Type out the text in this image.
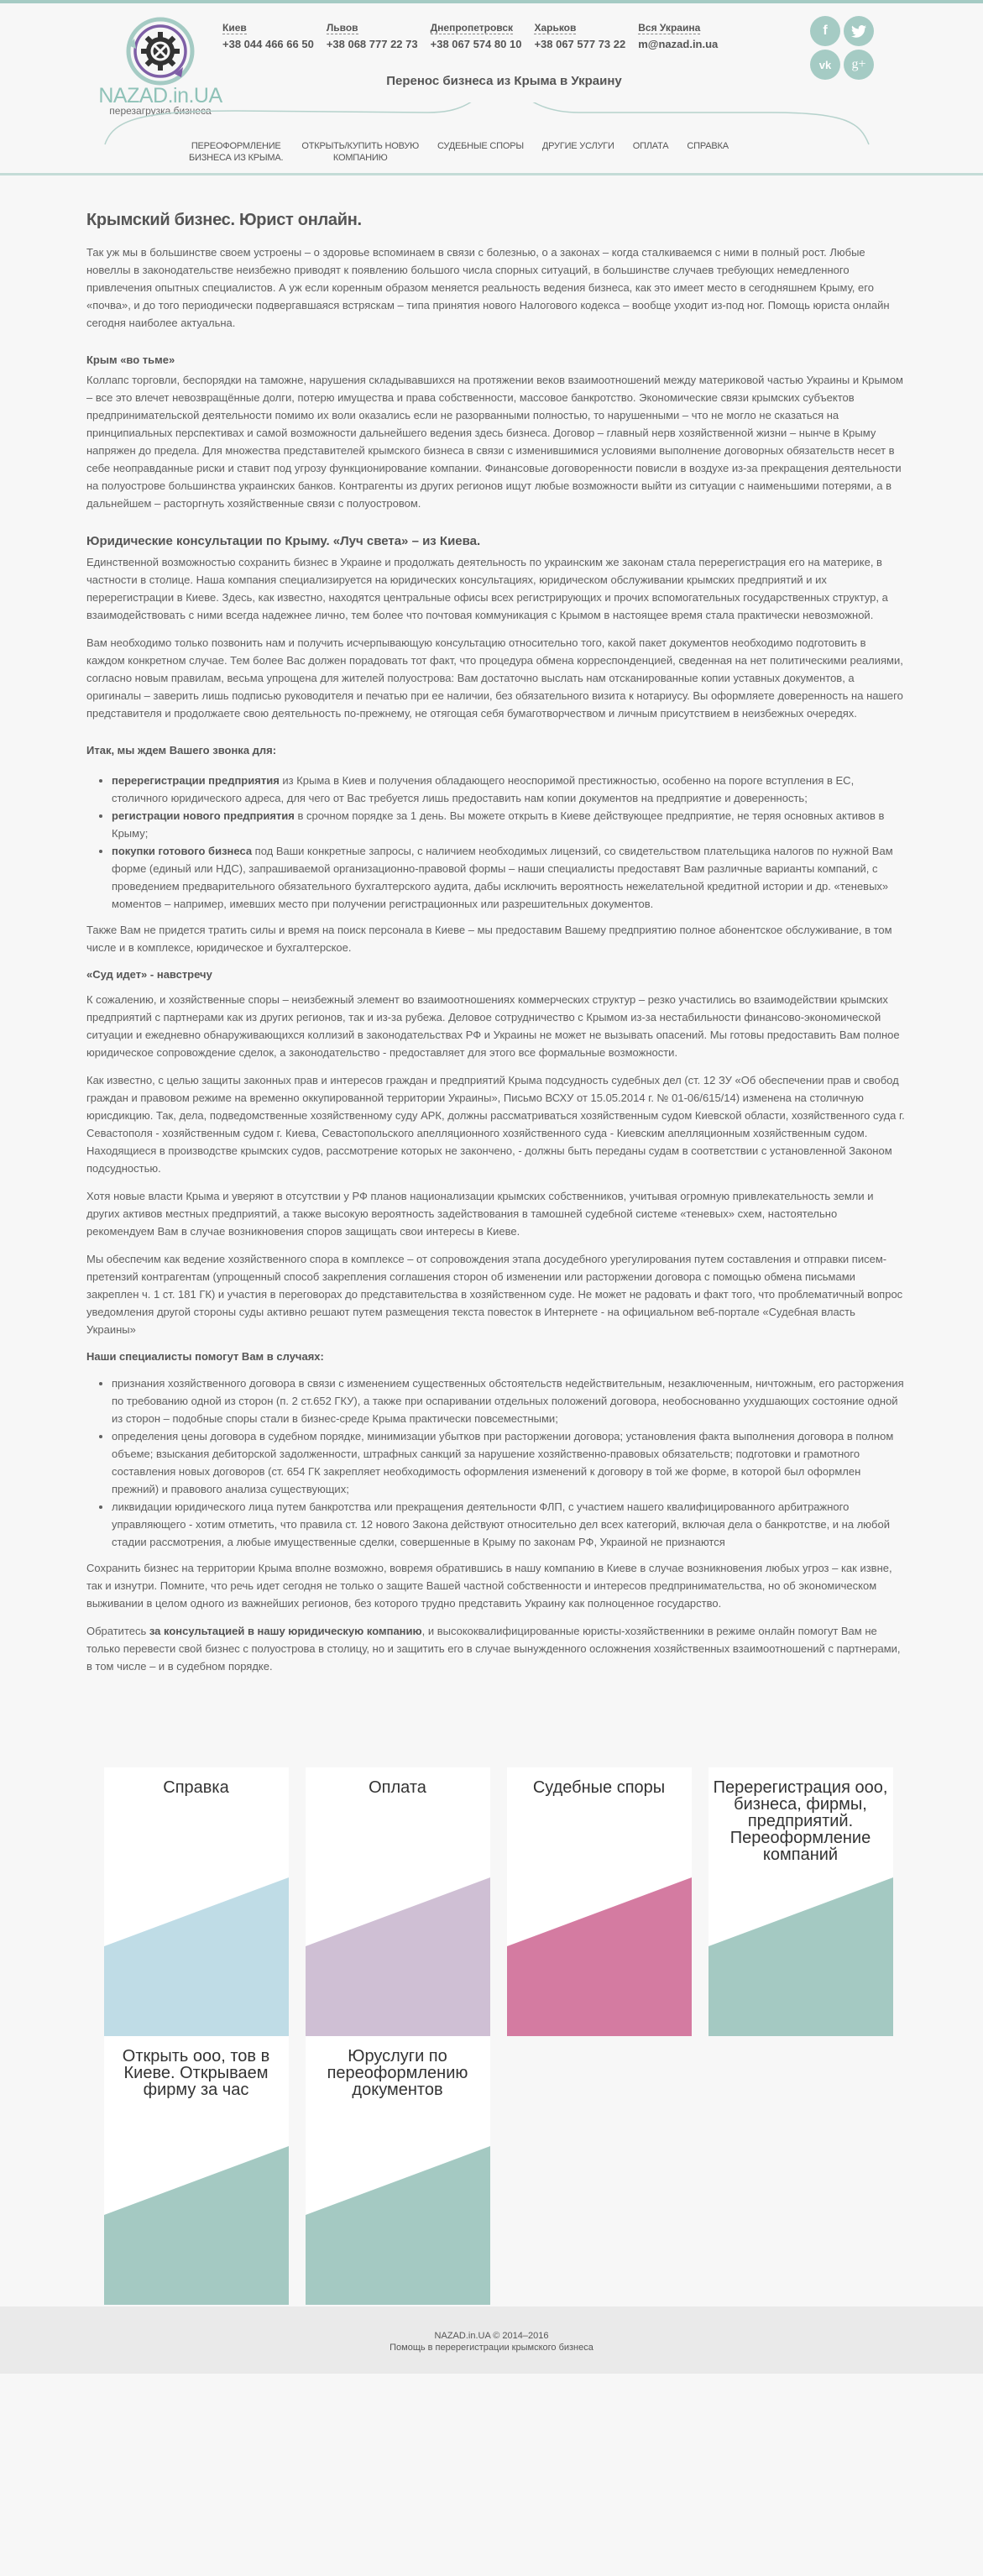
NAZAD.in.UA
перезагрузка бизнеса
Киев
+38 044 466 66 50
Львов
+38 068 777 22 73
Днепропетровск
+38 067 574 80 10
Харьков
+38 067 577 73 22
Вся Украина
m@nazad.in.ua
f
vk	g+
Перенос бизнеса из Крыма в Украину
ПЕРЕОФОРМЛЕНИЕ
БИЗНЕСА ИЗ КРЫМА.
ОТКРЫТЬ/КУПИТЬ НОВУЮ
КОМПАНИЮ
СУДЕБНЫЕ СПОРЫ ДРУГИЕ УСЛУГИ ОПЛАТА СПРАВКА
Крымский бизнес. Юрист онлайн.

Так уж мы в большинстве своем устроены – о здоровье вспоминаем в связи с болезнью, о а законах – когда сталкиваемся с ними в полный рост. Любые новеллы в законодательстве неизбежно приводят к появлению большого числа спорных ситуаций, в большинстве случаев требующих немедленного привлечения опытных специалистов. А уж если коренным образом меняется реальность ведения бизнеса, как это имеет место в сегодняшнем Крыму, его «почва», и до того периодически подвергавшаяся встряскам – типа принятия нового Налогового кодекса – вообще уходит из-под ног. Помощь юриста онлайн сегодня наиболее актуальна.

Крым «во тьме»

Коллапс торговли, беспорядки на таможне, нарушения складывавшихся на протяжении веков взаимоотношений между материковой частью Украины и Крымом – все это влечет невозвращённые долги, потерю имущества и права собственности, массовое банкротство. Экономические связи крымских субъектов предпринимательской деятельности помимо их воли оказались если не разорванными полностью, то нарушенными – что не могло не сказаться на принципиальных перспективах и самой возможности дальнейшего ведения здесь бизнеса. Договор – главный нерв хозяйственной жизни – нынче в Крыму напряжен до предела. Для множества представителей крымского бизнеса в связи с изменившимися условиями выполнение договорных обязательств несет в себе неоправданные риски и ставит под угрозу функционирование компании. Финансовые договоренности повисли в воздухе из-за прекращения деятельности на полуострове большинства украинских банков. Контрагенты из других регионов ищут любые возможности выйти из ситуации с наименьшими потерями, а в дальнейшем – расторгнуть хозяйственные связи с полуостровом.

Юридические консультации по Крыму. «Луч света» – из Киева.

Единственной возможностью сохранить бизнес в Украине и продолжать деятельность по украинским же законам стала перерегистрация его на материке, в частности в столице. Наша компания специализируется на юридических консультациях, юридическом обслуживании крымских предприятий и их перерегистрации в Киеве. Здесь, как известно, находятся центральные офисы всех регистрирующих и прочих вспомогательных государственных структур, а взаимодействовать с ними всегда надежнее лично, тем более что почтовая коммуникация с Крымом в настоящее время стала практически невозможной.

Вам необходимо только позвонить нам и получить исчерпывающую консультацию относительно того, какой пакет документов необходимо подготовить в каждом конкретном случае. Тем более Вас должен порадовать тот факт, что процедура обмена корреспонденцией, сведенная на нет политическими реалиями, согласно новым правилам, весьма упрощена для жителей полуострова: Вам достаточно выслать нам отсканированные копии уставных документов, а оригиналы – заверить лишь подписью руководителя и печатью при ее наличии, без обязательного визита к нотариусу. Вы оформляете доверенность на нашего представителя и продолжаете свою деятельность по-прежнему, не отягощая себя бумаготворчеством и личным присутствием в неизбежных очередях.

Итак, мы ждем Вашего звонка для:
• перерегистрации предприятия из Крыма в Киев и получения обладающего неоспоримой престижностью, особенно на пороге вступления в ЕС, столичного юридического адреса, для чего от Вас требуется лишь предоставить нам копии документов на предприятие и доверенность;
• регистрации нового предприятия в срочном порядке за 1 день. Вы можете открыть в Киеве действующее предприятие, не теряя основных активов в Крыму;
• покупки готового бизнеса под Ваши конкретные запросы, с наличием необходимых лицензий, со свидетельством плательщика налогов по нужной Вам форме (единый или НДС), запрашиваемой организационно-правовой формы – наши специалисты предоставят Вам различные варианты компаний, с проведением предварительного обязательного бухгалтерского аудита, дабы исключить вероятность нежелательной кредитной истории и др. «теневых» моментов – например, имевших место при получении регистрационных или разрешительных документов.

Также Вам не придется тратить силы и время на поиск персонала в Киеве – мы предоставим Вашему предприятию полное абонентское обслуживание, в том числе и в комплексе, юридическое и бухгалтерское.

«Суд идет» - навстречу

К сожалению, и хозяйственные споры – неизбежный элемент во взаимоотношениях коммерческих структур – резко участились во взаимодействии крымских предприятий с партнерами как из других регионов, так и из-за рубежа. Деловое сотрудничество с Крымом из-за нестабильности финансово-экономической ситуации и ежедневно обнаруживающихся коллизий в законодательствах РФ и Украины не может не вызывать опасений. Мы готовы предоставить Вам полное юридическое сопровождение сделок, а законодательство - предоставляет для этого все формальные возможности.

Как известно, с целью защиты законных прав и интересов граждан и предприятий Крыма подсудность судебных дел (ст. 12 ЗУ «Об обеспечении прав и свобод граждан и правовом режиме на временно оккупированной территории Украины», Письмо ВСХУ от 15.05.2014 г. № 01-06/615/14) изменена на столичную юрисдикцию. Так, дела, подведомственные хозяйственному суду АРК, должны рассматриваться хозяйственным судом Киевской области, хозяйственного суда г. Севастополя - хозяйственным судом г. Киева, Севастопольского апелляционного хозяйственного суда - Киевским апелляционным хозяйственным судом. Находящиеся в производстве крымских судов, рассмотрение которых не закончено, - должны быть переданы судам в соответствии с установленной Законом подсудностью.

Хотя новые власти Крыма и уверяют в отсутствии у РФ планов национализации крымских собственников, учитывая огромную привлекательность земли и других активов местных предприятий, а также высокую вероятность задействования в тамошней судебной системе «теневых» схем, настоятельно рекомендуем Вам в случае возникновения споров защищать свои интересы в Киеве.

Мы обеспечим как ведение хозяйственного спора в комплексе – от сопровождения этапа досудебного урегулирования путем составления и отправки писем-претензий контрагентам (упрощенный способ закрепления соглашения сторон об изменении или расторжении договора с помощью обмена письмами закреплен ч. 1 ст. 181 ГК) и участия в переговорах до представительства в хозяйственном суде. Не может не радовать и факт того, что проблематичный вопрос уведомления другой стороны суды активно решают путем размещения текста повесток в Интернете - на официальном веб-портале «Судебная власть Украины»

Наши специалисты помогут Вам в случаях:
• признания хозяйственного договора в связи с изменением существенных обстоятельств недействительным, незаключенным, ничтожным, его расторжения по требованию одной из сторон (п. 2 ст.652 ГКУ), а также при оспаривании отдельных положений договора, необоснованно ухудшающих состояние одной из сторон – подобные споры стали в бизнес-среде Крыма практически повсеместными;
• определения цены договора в судебном порядке, минимизации убытков при расторжении договора; установления факта выполнения договора в полном объеме; взыскания дебиторской задолженности, штрафных санкций за нарушение хозяйственно-правовых обязательств; подготовки и грамотного составления новых договоров (ст. 654 ГК закрепляет необходимость оформления изменений к договору в той же форме, в которой был оформлен прежний) и правового анализа существующих;
• ликвидации юридического лица путем банкротства или прекращения деятельности ФЛП, с участием нашего квалифицированного арбитражного управляющего - хотим отметить, что правила ст. 12 нового Закона действуют относительно дел всех категорий, включая дела о банкротстве, и на любой стадии рассмотрения, а любые имущественные сделки, совершенные в Крыму по законам РФ, Украиной не признаются

Сохранить бизнес на территории Крыма вполне возможно, вовремя обратившись в нашу компанию в Киеве в случае возникновения любых угроз – как извне, так и изнутри. Помните, что речь идет сегодня не только о защите Вашей частной собственности и интересов предпринимательства, но об экономическом выживании в целом одного из важнейших регионов, без которого трудно представить Украину как полноценное государство.

Обратитесь за консультацией в нашу юридическую компанию, и высококвалифицированные юристы-хозяйственники в режиме онлайн помогут Вам не только перевести свой бизнес с полуострова в столицу, но и защитить его в случае вынужденного осложнения хозяйственных взаимоотношений с партнерами, в том числе – и в судебном порядке.

Справка	Оплата	Судебные споры	Перерегистрация ооо, бизнеса, фирмы, предприятий. Переоформление компаний
Открыть ооо, тов в Киеве. Открываем фирму за час
Юруслуги по переоформлению документов
NAZAD.in.UA © 2014–2016
Помощь в перерегистрации крымского бизнеса
